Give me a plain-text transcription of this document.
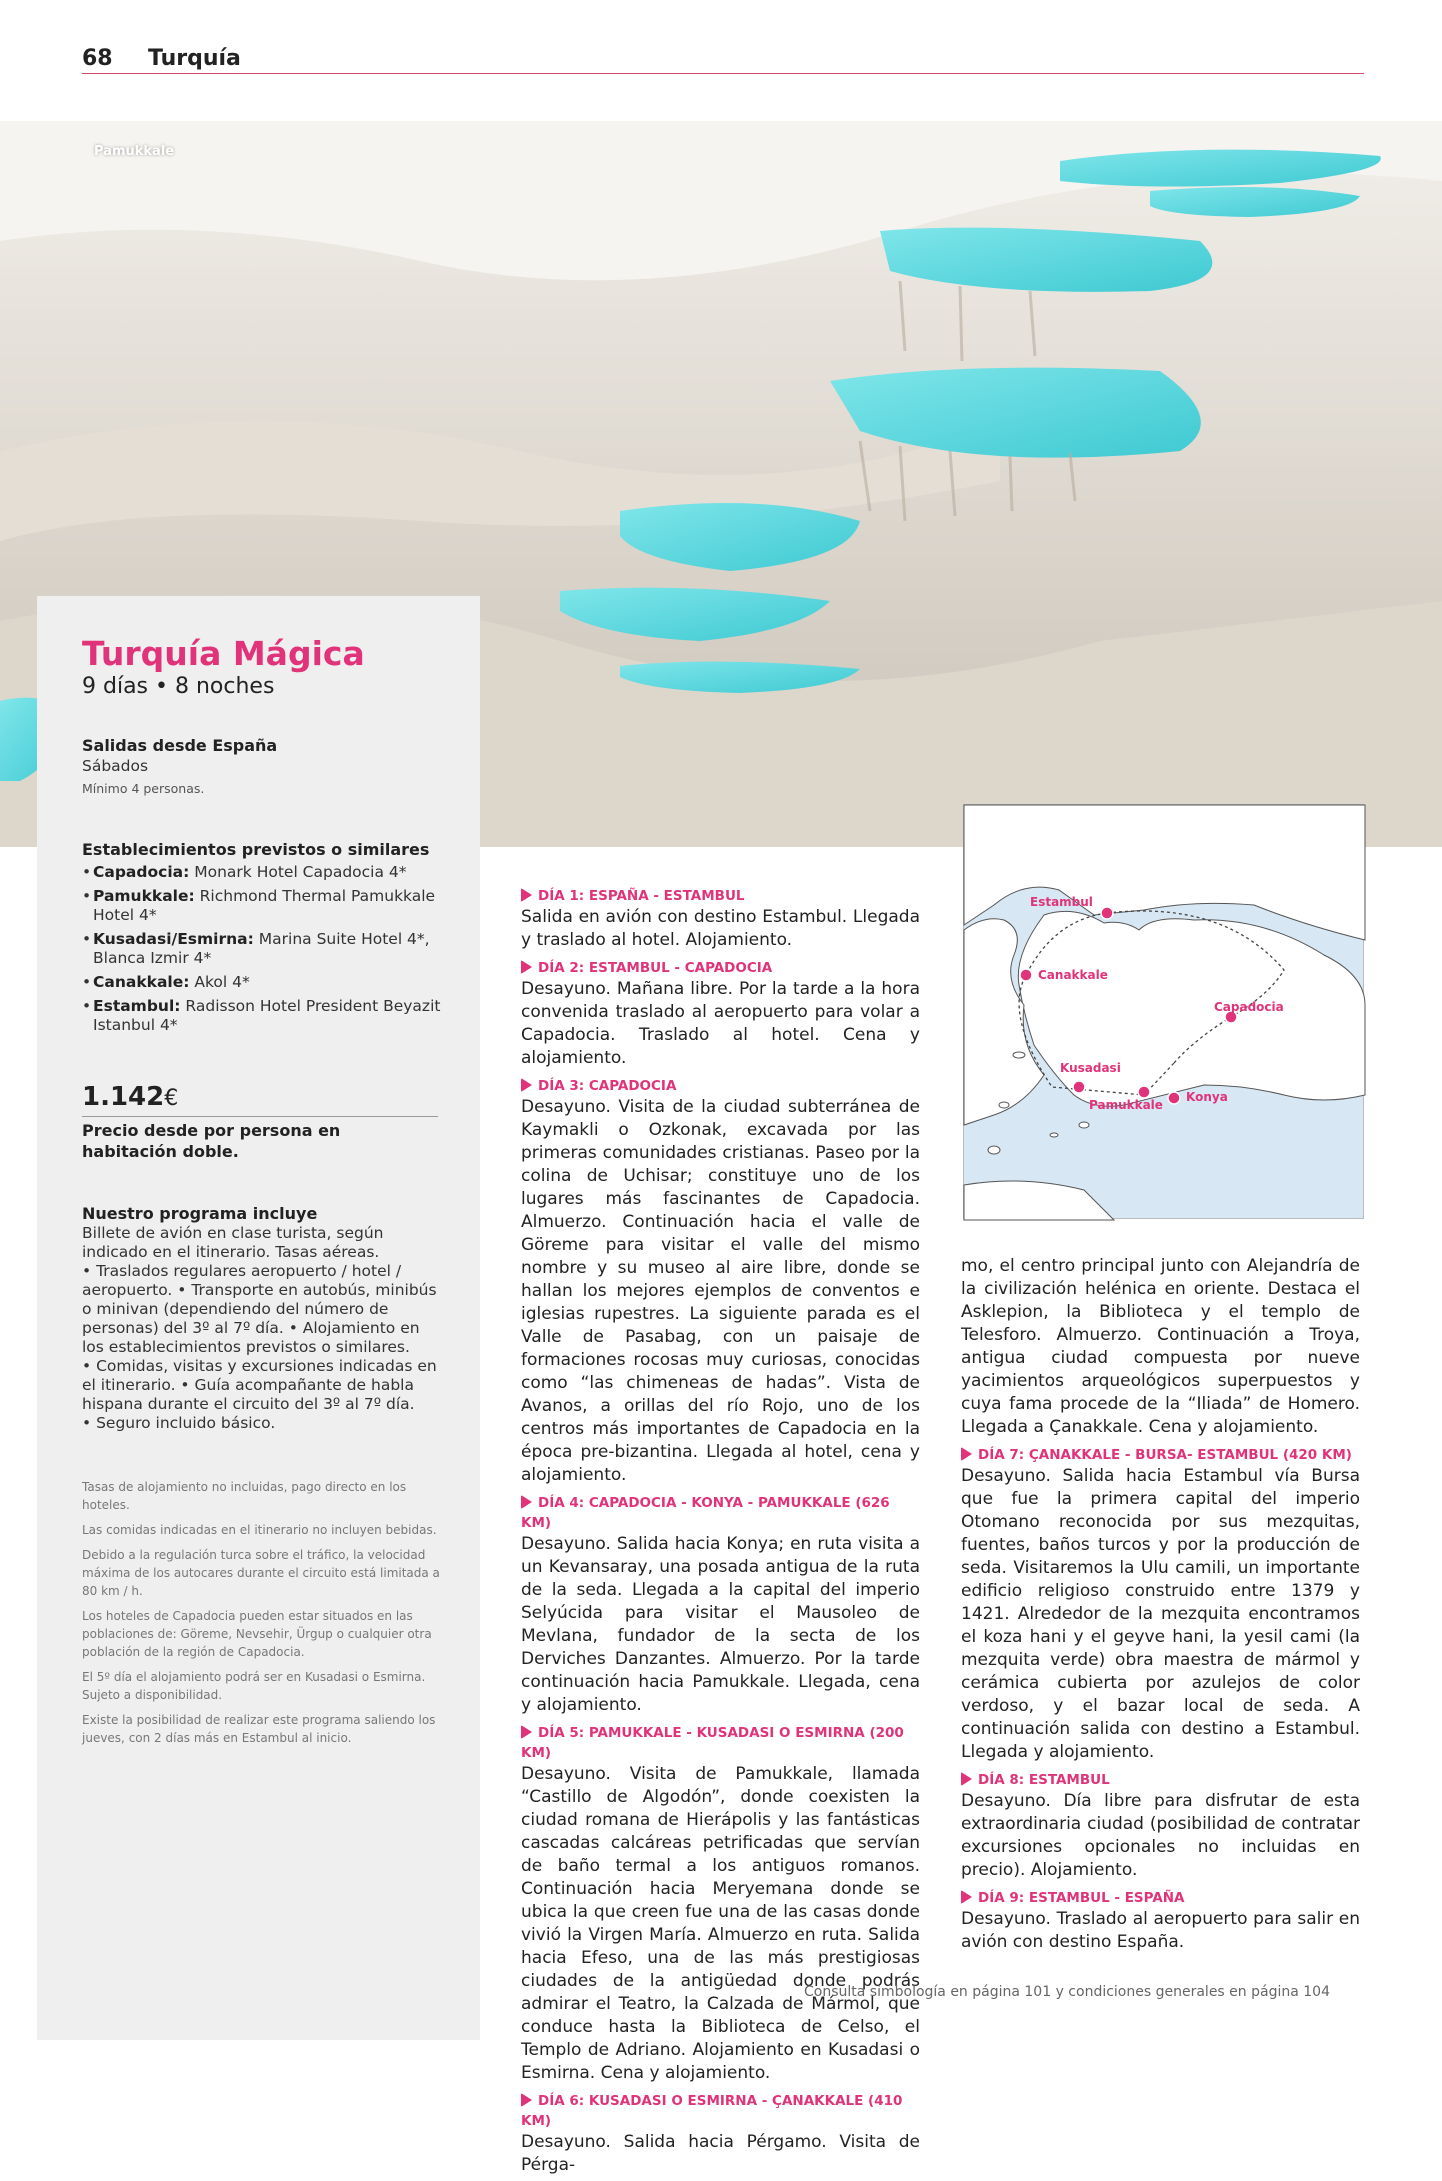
68 Turquía
Pamukkale
Turquía Mágica
9 días • 8 noches
Salidas desde España
Sábados
Mínimo 4 personas.
Establecimientos previstos o similares
• Capadocia: Monark Hotel Capadocia 4*
• Pamukkale: Richmond Thermal Pamukkale Hotel 4*
• Kusadasi/Esmirna: Marina Suite Hotel 4*, Blanca Izmir 4*
• Canakkale: Akol 4*
• Estambul: Radisson Hotel President Beyazit Istanbul 4*
1.142€
Precio desde por persona en habitación doble.
Nuestro programa incluye
Billete de avión en clase turista, según indicado en el itinerario. Tasas aéreas.
• Traslados regulares aeropuerto / hotel / aeropuerto. • Transporte en autobús, minibús o minivan (dependiendo del número de personas) del 3º al 7º día. • Alojamiento en los establecimientos previstos o similares.
• Comidas, visitas y excursiones indicadas en el itinerario. • Guía acompañante de habla hispana durante el circuito del 3º al 7º día.
• Seguro incluido básico.

Tasas de alojamiento no incluidas, pago directo en los hoteles.

Las comidas indicadas en el itinerario no incluyen bebidas.

Debido a la regulación turca sobre el tráfico, la velocidad máxima de los autocares durante el circuito está limitada a 80 km / h.

Los hoteles de Capadocia pueden estar situados en las poblaciones de: Göreme, Nevsehir, Ürgup o cualquier otra población de la región de Capadocia.

El 5º día el alojamiento podrá ser en Kusadasi o Esmirna. Sujeto a disponibilidad.

Existe la posibilidad de realizar este programa saliendo los jueves, con 2 días más en Estambul al inicio.

DÍA 1: ESPAÑA - ESTAMBUL
Salida en avión con destino Estambul. Llegada y traslado al hotel. Alojamiento.
DÍA 2: ESTAMBUL - CAPADOCIA
Desayuno. Mañana libre. Por la tarde a la hora convenida traslado al aeropuerto para volar a Capadocia. Traslado al hotel. Cena y alojamiento.
DÍA 3: CAPADOCIA
Desayuno. Visita de la ciudad subterránea de Kaymakli o Ozkonak, excavada por las primeras comunidades cristianas. Paseo por la colina de Uchisar; constituye uno de los lugares más fascinantes de Capadocia. Almuerzo. Continuación hacia el valle de Göreme para visitar el valle del mismo nombre y su museo al aire libre, donde se hallan los mejores ejemplos de conventos e iglesias rupestres. La siguiente parada es el Valle de Pasabag, con un paisaje de formaciones rocosas muy curiosas, conocidas como “las chimeneas de hadas”. Vista de Avanos, a orillas del río Rojo, uno de los centros más importantes de Capadocia en la época pre-bizantina. Llegada al hotel, cena y alojamiento.
DÍA 4: CAPADOCIA - KONYA - PAMUKKALE (626 KM)
Desayuno. Salida hacia Konya; en ruta visita a un Kevansaray, una posada antigua de la ruta de la seda. Llegada a la capital del imperio Selyúcida para visitar el Mausoleo de Mevlana, fundador de la secta de los Derviches Danzantes. Almuerzo. Por la tarde continuación hacia Pamukkale. Llegada, cena y alojamiento.
DÍA 5: PAMUKKALE - KUSADASI O ESMIRNA (200 KM)
Desayuno. Visita de Pamukkale, llamada “Castillo de Algodón”, donde coexisten la ciudad romana de Hierápolis y las fantásticas cascadas calcáreas petrificadas que servían de baño termal a los antiguos romanos. Continuación hacia Meryemana donde se ubica la que creen fue una de las casas donde vivió la Virgen María. Almuerzo en ruta. Salida hacia Efeso, una de las más prestigiosas ciudades de la antigüedad donde podrás admirar el Teatro, la Calzada de Mármol, que conduce hasta la Biblioteca de Celso, el Templo de Adriano. Alojamiento en Kusadasi o Esmirna. Cena y alojamiento.
DÍA 6: KUSADASI O ESMIRNA - ÇANAKKALE (410 KM)
Desayuno. Salida hacia Pérgamo. Visita de Pérga-
Estambul
Canakkale
Capadocia
Kusadasi
Pamukkale
Konya
mo, el centro principal junto con Alejandría de la civilización helénica en oriente. Destaca el Asklepion, la Biblioteca y el templo de Telesforo. Almuerzo. Continuación a Troya, antigua ciudad compuesta por nueve yacimientos arqueológicos superpuestos y cuya fama procede de la “Iliada” de Homero. Llegada a Çanakkale. Cena y alojamiento.
DÍA 7: ÇANAKKALE - BURSA- ESTAMBUL (420 KM)
Desayuno. Salida hacia Estambul vía Bursa que fue la primera capital del imperio Otomano reconocida por sus mezquitas, fuentes, baños turcos y por la producción de seda. Visitaremos la Ulu camili, un importante edificio religioso construido entre 1379 y 1421. Alrededor de la mezquita encontramos el koza hani y el geyve hani, la yesil cami (la mezquita verde) obra maestra de mármol y cerámica cubierta por azulejos de color verdoso, y el bazar local de seda. A continuación salida con destino a Estambul. Llegada y alojamiento.
DÍA 8: ESTAMBUL
Desayuno. Día libre para disfrutar de esta extraordinaria ciudad (posibilidad de contratar excursiones opcionales no incluidas en precio). Alojamiento.
DÍA 9: ESTAMBUL - ESPAÑA
Desayuno. Traslado al aeropuerto para salir en avión con destino España.
Consulta simbología en página 101 y condiciones generales en página 104
